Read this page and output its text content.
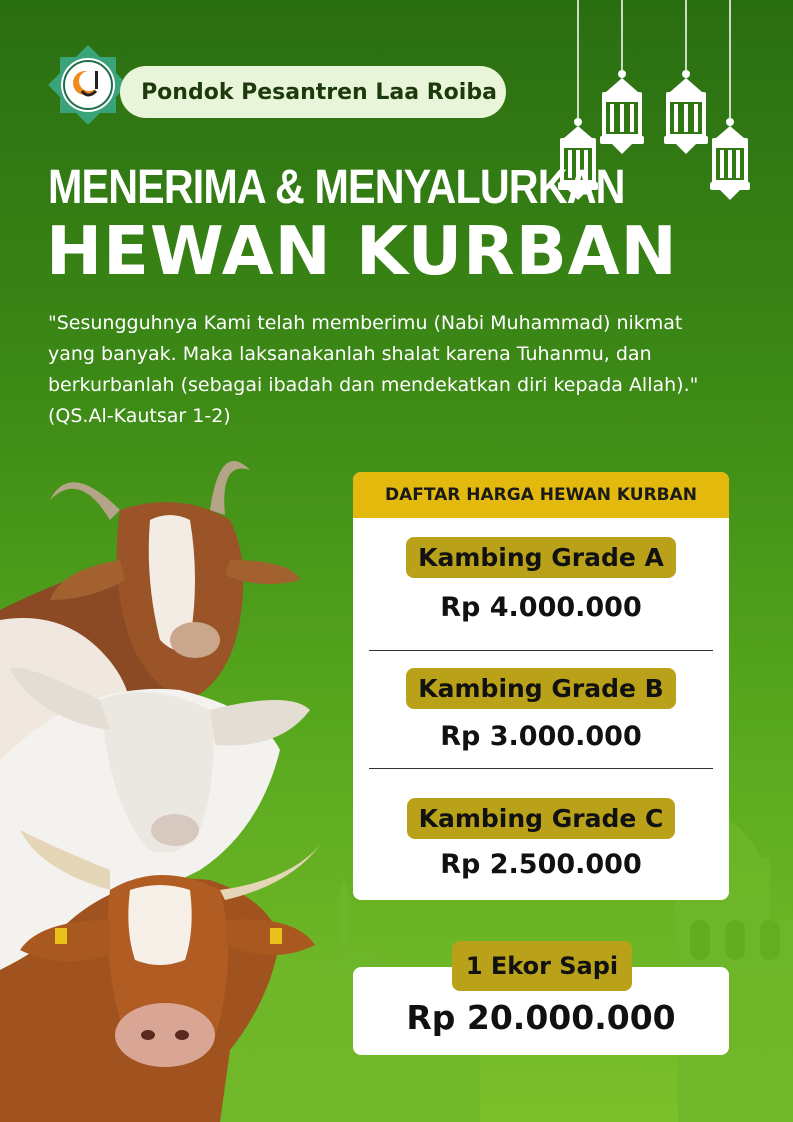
Pondok Pesantren Laa Roiba
MENERIMA & MENYALURKAN
HEWAN KURBAN

"Sesungguhnya Kami telah memberimu (Nabi Muhammad) nikmat yang banyak. Maka laksanakanlah shalat karena Tuhanmu, dan berkurbanlah (sebagai ibadah dan mendekatkan diri kepada Allah)." (QS.Al-Kautsar 1-2)

DAFTAR HARGA HEWAN KURBAN
Kambing Grade A
Rp 4.000.000
Kambing Grade B
Rp 3.000.000
Kambing Grade C
Rp 2.500.000
1 Ekor Sapi
Rp 20.000.000
